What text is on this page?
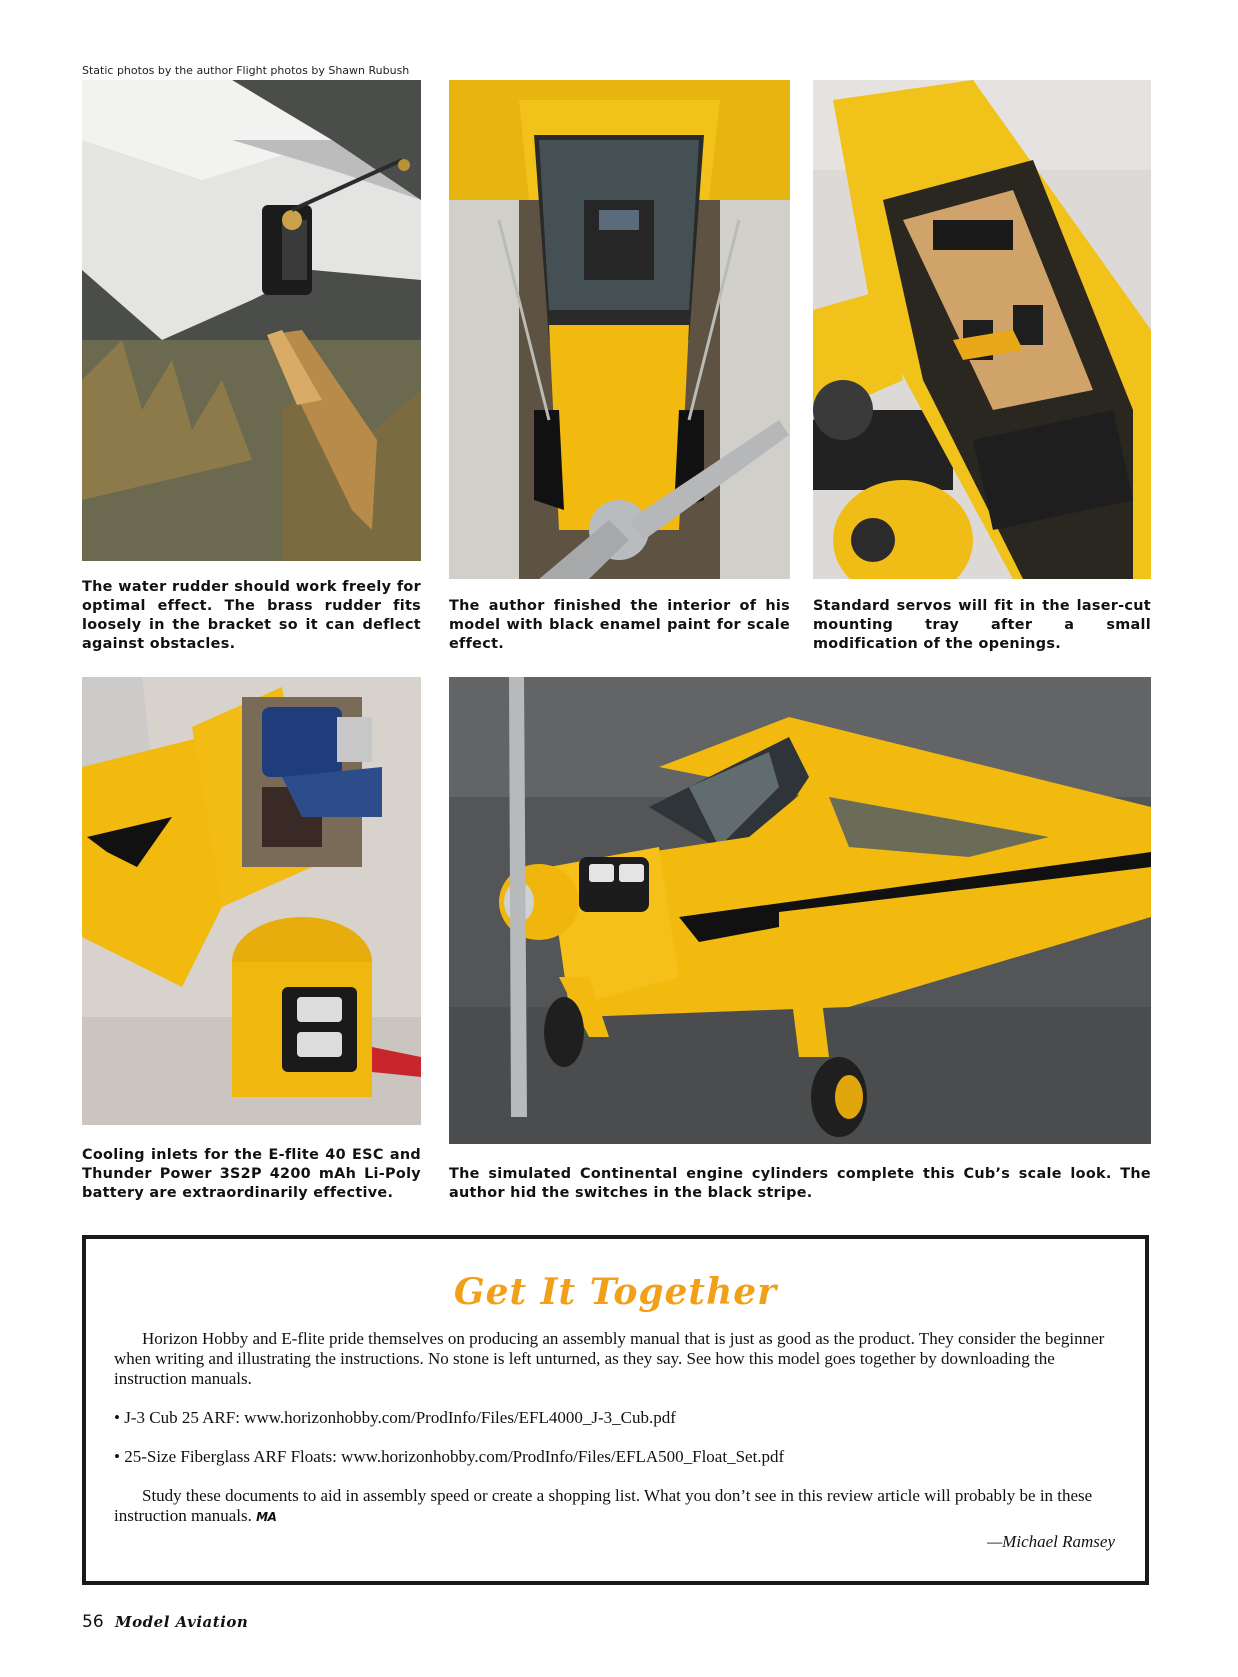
Static photos by the author Flight photos by Shawn Rubush
The water rudder should work freely for optimal effect. The brass rudder fits loosely in the bracket so it can deflect against obstacles.
The author finished the interior of his model with black enamel paint for scale effect.
Standard servos will fit in the laser-cut mounting tray after a small modification of the openings.
Cooling inlets for the E-flite 40 ESC and Thunder Power 3S2P 4200 mAh Li-Poly battery are extraordinarily effective.
The simulated Continental engine cylinders complete this Cub’s scale look. The author hid the switches in the black stripe.
Get It Together

Horizon Hobby and E-flite pride themselves on producing an assembly manual that is just as good as the product. They consider the beginner when writing and illustrating the instructions. No stone is left unturned, as they say. See how this model goes together by downloading the instruction manuals.

• J-3 Cub 25 ARF: www.horizonhobby.com/ProdInfo/Files/EFL4000_J-3_Cub.pdf

• 25-Size Fiberglass ARF Floats: www.horizonhobby.com/ProdInfo/Files/EFLA500_Float_Set.pdf

Study these documents to aid in assembly speed or create a shopping list. What you don’t see in this review article will probably be in these instruction manuals. MA

—Michael Ramsey

56 Model Aviation
